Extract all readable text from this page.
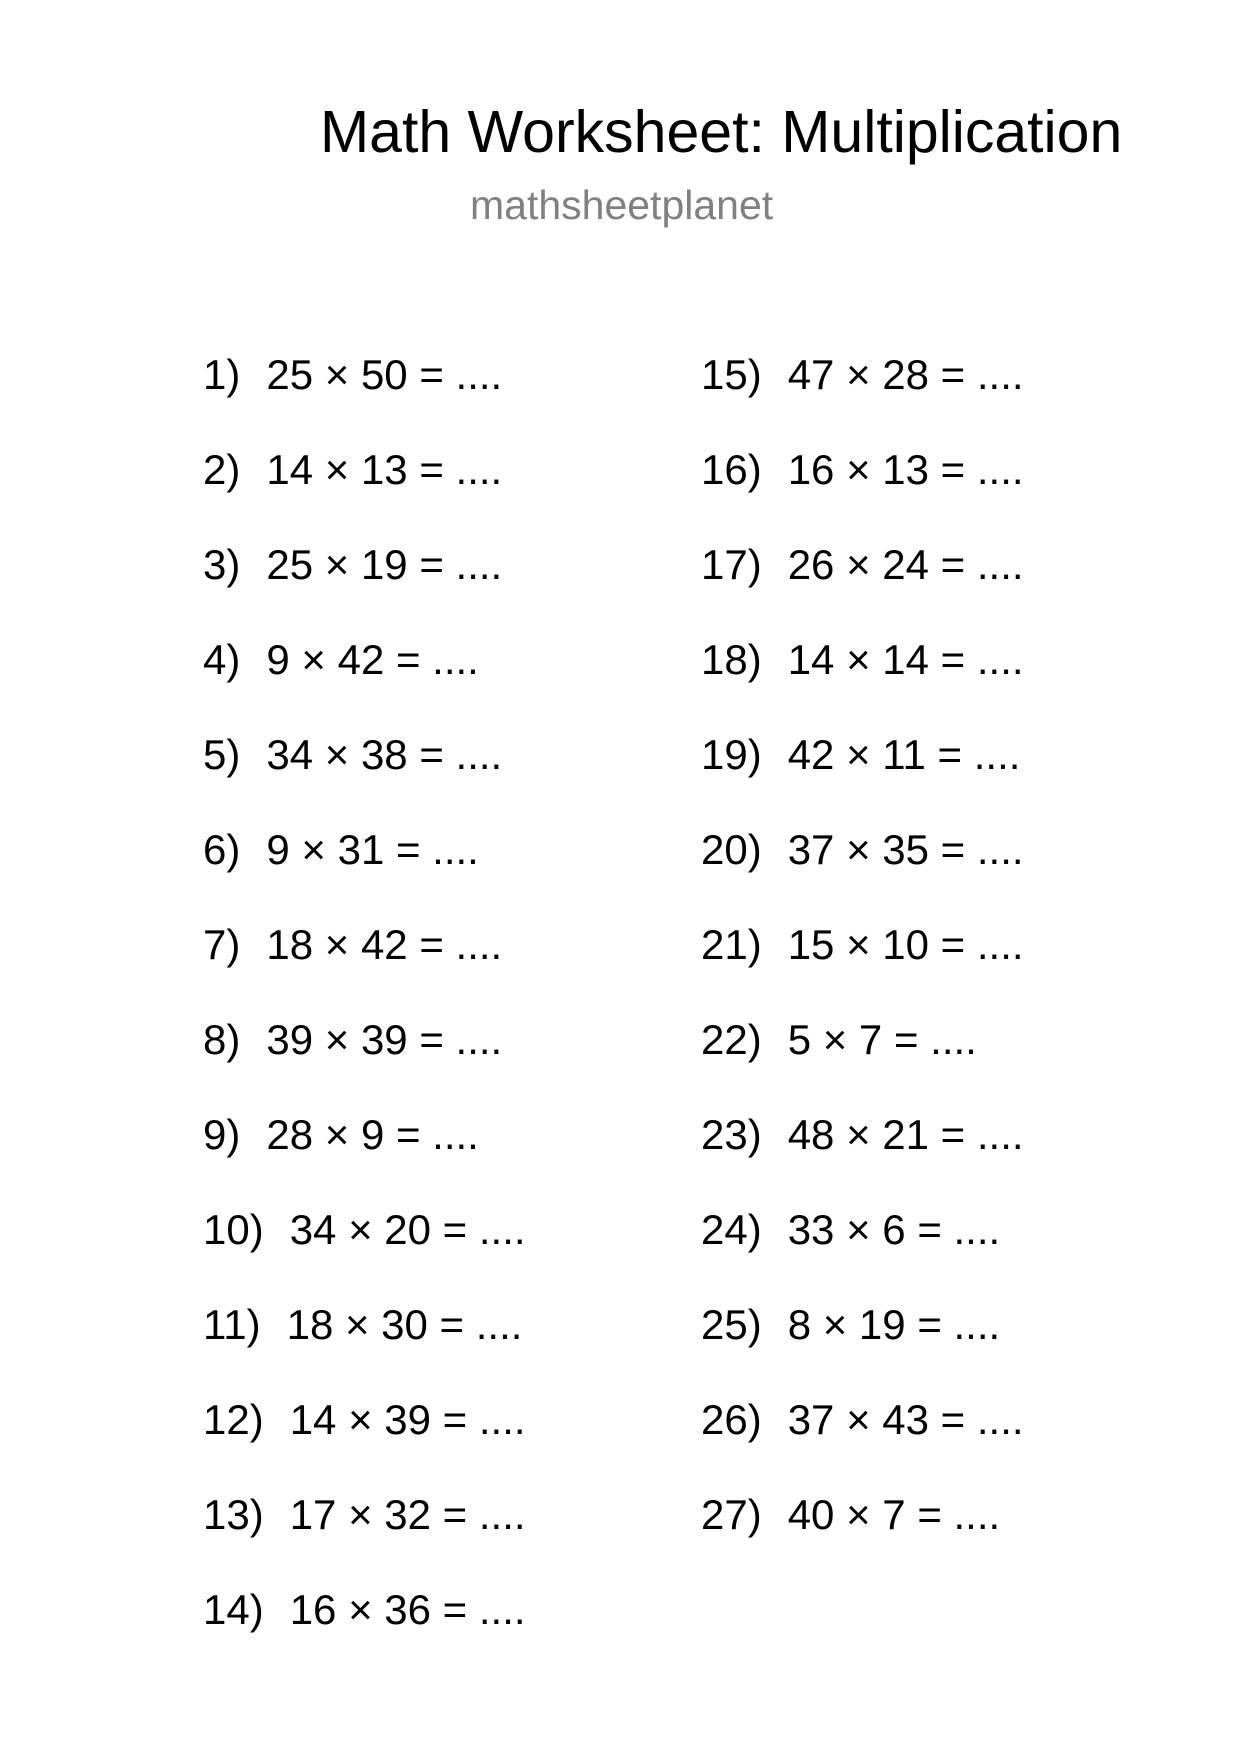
Math Worksheet: Multiplication
mathsheetplanet
1) 25 × 50 = ....
2) 14 × 13 = ....
3) 25 × 19 = ....
4) 9 × 42 = ....
5) 34 × 38 = ....
6) 9 × 31 = ....
7) 18 × 42 = ....
8) 39 × 39 = ....
9) 28 × 9 = ....
10) 34 × 20 = ....
11) 18 × 30 = ....
12) 14 × 39 = ....
13) 17 × 32 = ....
14) 16 × 36 = ....
15) 47 × 28 = ....
16) 16 × 13 = ....
17) 26 × 24 = ....
18) 14 × 14 = ....
19) 42 × 11 = ....
20) 37 × 35 = ....
21) 15 × 10 = ....
22) 5 × 7 = ....
23) 48 × 21 = ....
24) 33 × 6 = ....
25) 8 × 19 = ....
26) 37 × 43 = ....
27) 40 × 7 = ....
